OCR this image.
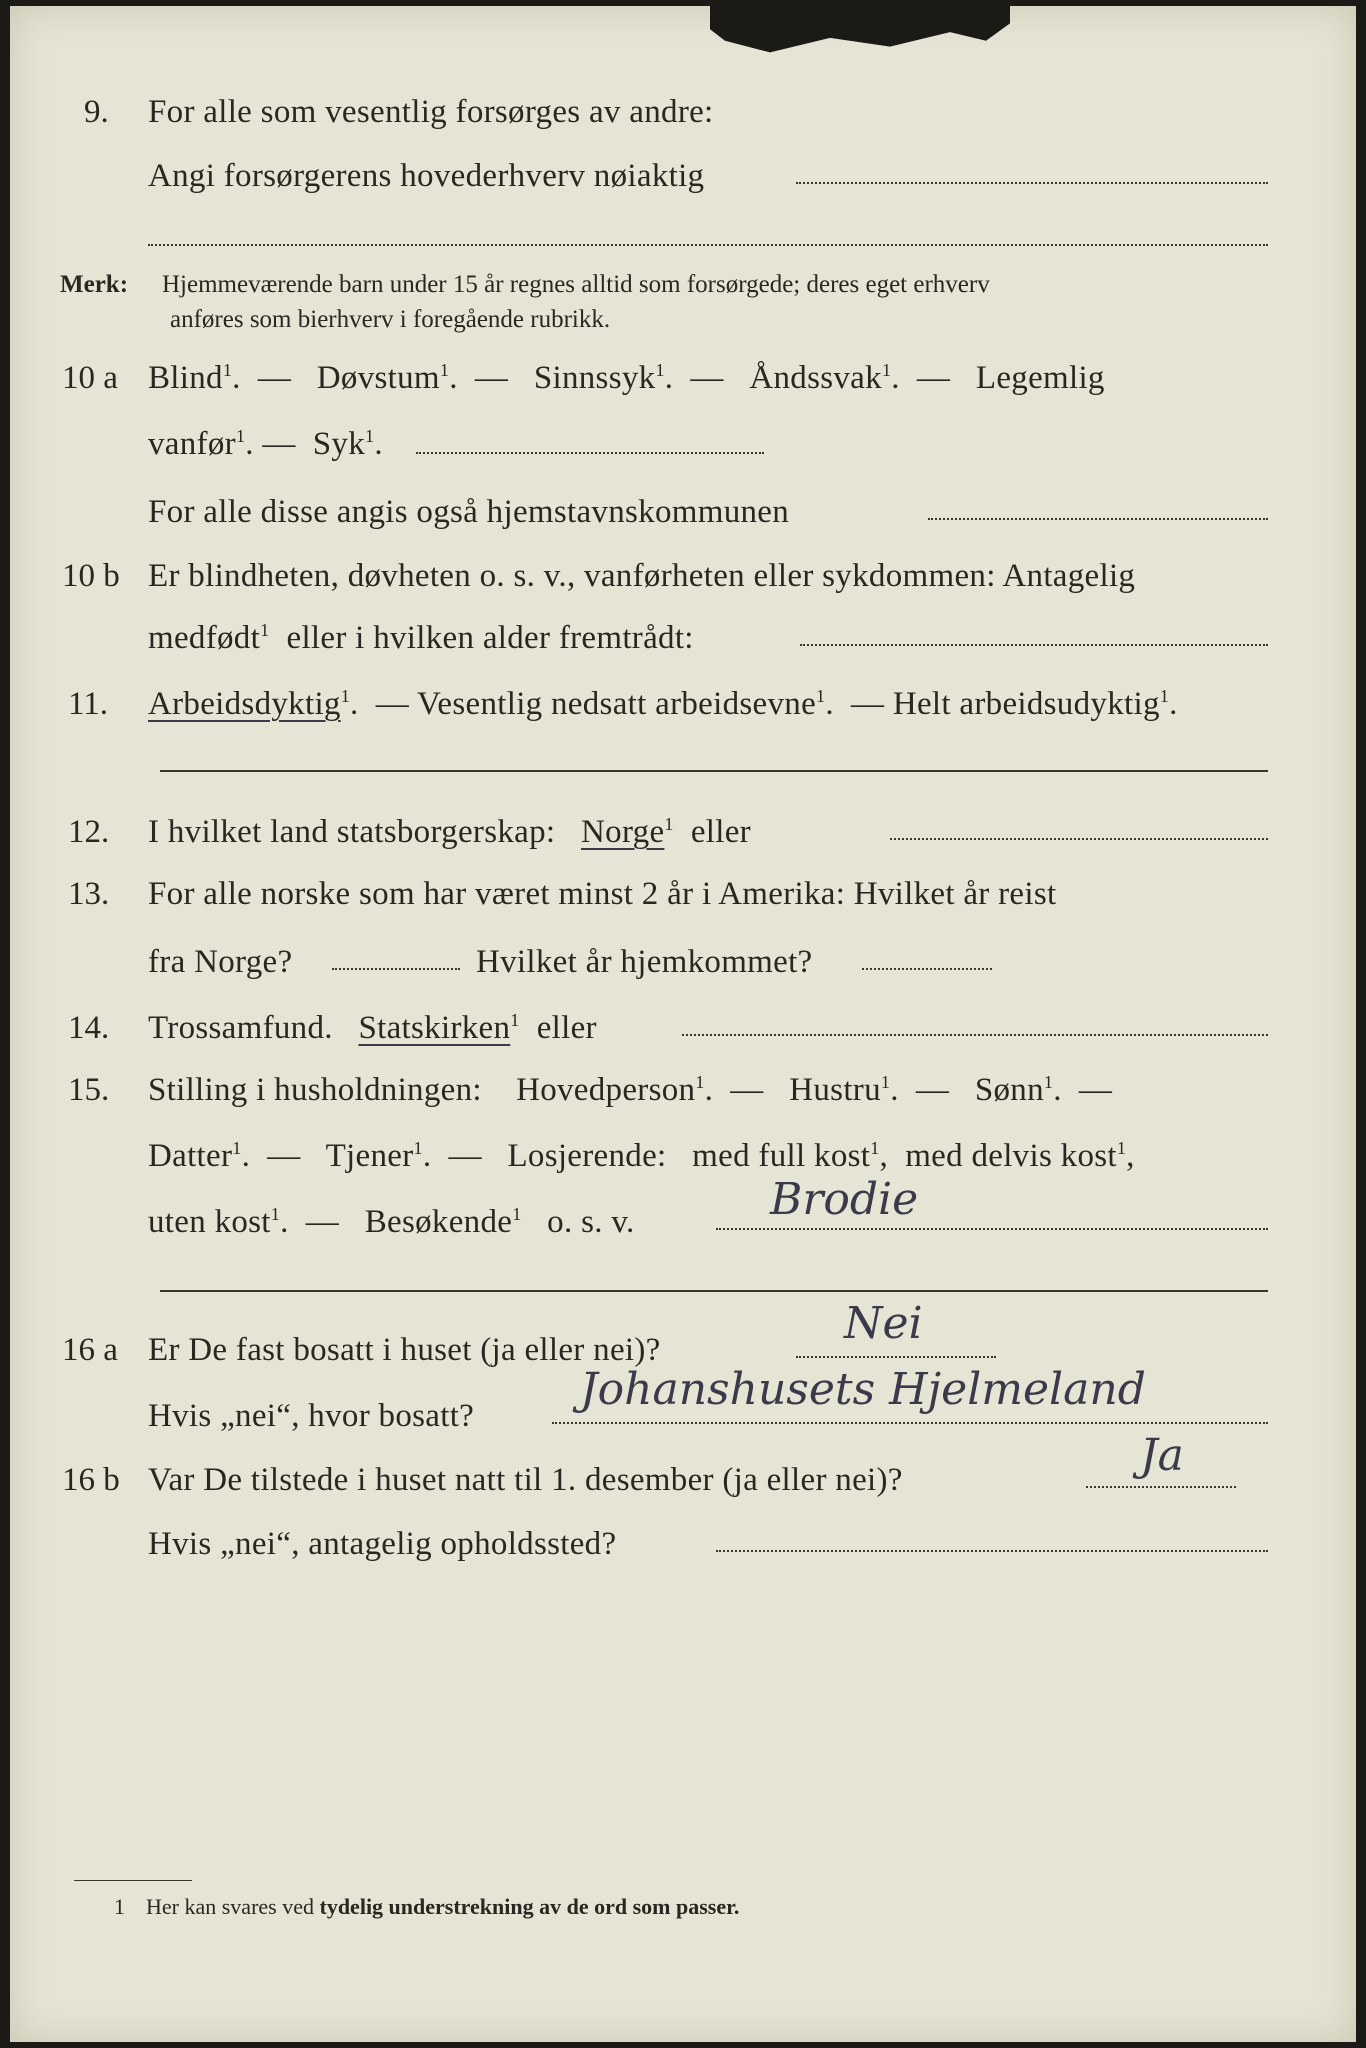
9. For alle som vesentlig forsørges av andre:
Angi forsørgerens hovederhverv nøiaktig
Merk: Hjemmeværende barn under 15 år regnes alltid som forsørgede; deres eget erhverv
anføres som bierhverv i foregående rubrikk.
10 a Blind$^1$.  —   Døvstum$^1$.  —   Sinnssyk$^1$.  —   Åndssvak$^1$.  —   Legemlig
vanfør$^1$. —  Syk$^1$.
For alle disse angis også hjemstavnskommunen
10 b Er blindheten, døvheten o. s. v., vanførheten eller sykdommen: Antagelig
medfødt$^1$ eller i hvilken alder fremtrådt:
11. Arbeidsdyktig$^1$.  — Vesentlig nedsatt arbeidsevne$^1$.  — Helt arbeidsudyktig$^1$.
12. I hvilket land statsborgerskap: Norge$^1$ eller
13. For alle norske som har været minst 2 år i Amerika: Hvilket år reist
fra Norge?	Hvilket år hjemkommet?
14. Trossamfund. Statskirken$^1$ eller
15. Stilling i husholdningen: Hovedperson$^1$.  —   Hustru$^1$.  —   Sønn$^1$.  —
Datter$^1$.  —   Tjener$^1$.  —   Losjerende: med full kost$^1$,  med delvis kost$^1$,
uten kost$^1$.  —   Besøkende$^1$ o. s. v.	Brodie
16 a Er De fast bosatt i huset (ja eller nei)?
Nei
Hvis „nei“, hvor bosatt?
Johanshusets Hjelmeland
16 b Var De tilstede i huset natt til 1. desember (ja eller nei)?	Ja
Hvis „nei“, antagelig opholdssted?
1 Her kan svares ved tydelig understrekning av de ord som passer.
